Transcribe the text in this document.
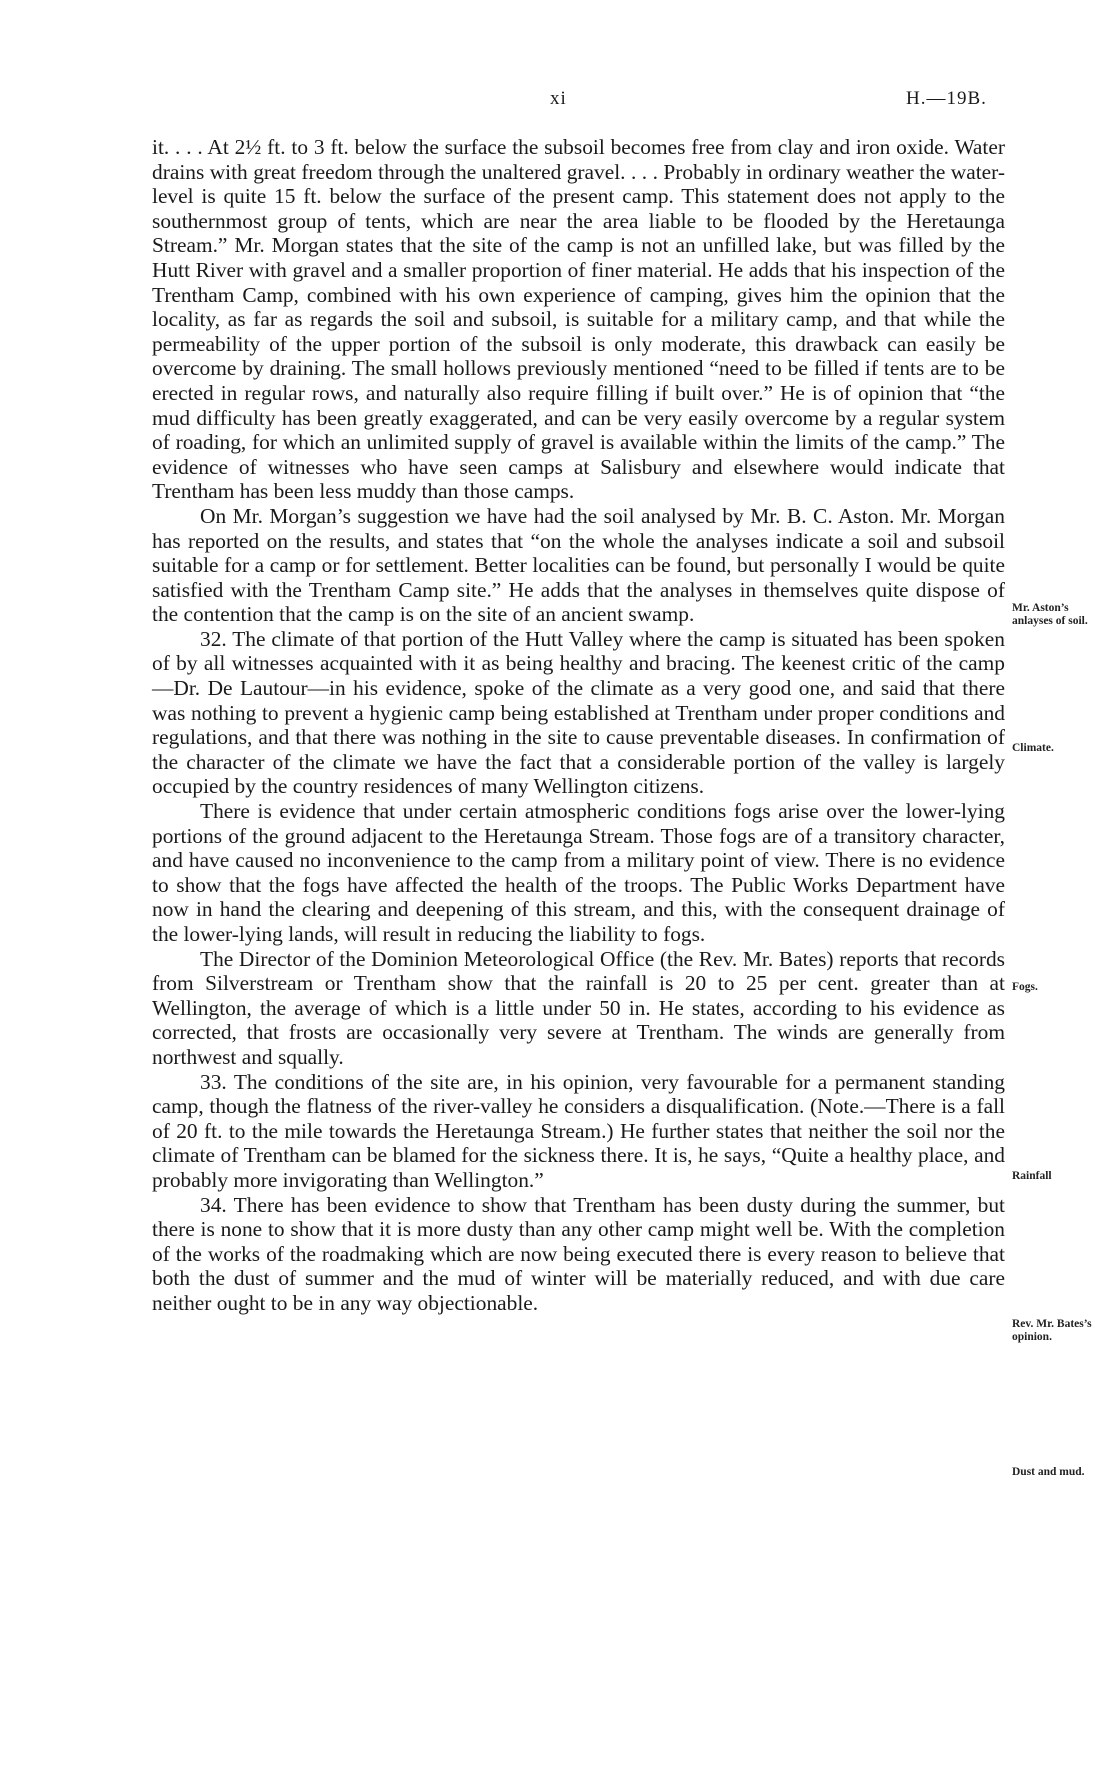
xi	H.—19B.

it. . . . At 2½ ft. to 3 ft. below the surface the subsoil becomes free from clay and iron oxide. Water drains with great freedom through the unaltered gravel. . . . Probably in ordinary weather the water-level is quite 15 ft. below the surface of the present camp. This statement does not apply to the southernmost group of tents, which are near the area liable to be flooded by the Heretaunga Stream.” Mr. Morgan states that the site of the camp is not an unfilled lake, but was filled by the Hutt River with gravel and a smaller proportion of finer material. He adds that his inspection of the Trentham Camp, combined with his own experience of camping, gives him the opinion that the locality, as far as regards the soil and subsoil, is suitable for a military camp, and that while the permeability of the upper portion of the subsoil is only moderate, this drawback can easily be overcome by draining. The small hollows previously mentioned “need to be filled if tents are to be erected in regular rows, and naturally also require filling if built over.” He is of opinion that “the mud difficulty has been greatly exaggerated, and can be very easily overcome by a regular system of roading, for which an unlimited supply of gravel is available within the limits of the camp.” The evidence of witnesses who have seen camps at Salisbury and elsewhere would indicate that Trentham has been less muddy than those camps.

On Mr. Morgan’s suggestion we have had the soil analysed by Mr. B. C. Aston. Mr. Morgan has reported on the results, and states that “on the whole the analyses indicate a soil and subsoil suitable for a camp or for settlement. Better localities can be found, but personally I would be quite satisfied with the Trentham Camp site.” He adds that the analyses in themselves quite dispose of the contention that the camp is on the site of an ancient swamp.

32. The climate of that portion of the Hutt Valley where the camp is situated has been spoken of by all witnesses acquainted with it as being healthy and bracing. The keenest critic of the camp—Dr. De Lautour—in his evidence, spoke of the climate as a very good one, and said that there was nothing to prevent a hygienic camp being established at Trentham under proper conditions and regulations, and that there was nothing in the site to cause preventable diseases. In confirmation of the character of the climate we have the fact that a considerable portion of the valley is largely occupied by the country residences of many Wellington citizens.

There is evidence that under certain atmospheric conditions fogs arise over the lower-lying portions of the ground adjacent to the Heretaunga Stream. Those fogs are of a transitory character, and have caused no inconvenience to the camp from a military point of view. There is no evidence to show that the fogs have affected the health of the troops. The Public Works Department have now in hand the clearing and deepening of this stream, and this, with the consequent drainage of the lower-lying lands, will result in reducing the liability to fogs.

The Director of the Dominion Meteorological Office (the Rev. Mr. Bates) reports that records from Silverstream or Trentham show that the rainfall is 20 to 25 per cent. greater than at Wellington, the average of which is a little under 50 in. He states, according to his evidence as corrected, that frosts are occasionally very severe at Trentham. The winds are generally from northwest and squally.

33. The conditions of the site are, in his opinion, very favourable for a permanent standing camp, though the flatness of the river-valley he considers a disqualification. (Note.—There is a fall of 20 ft. to the mile towards the Heretaunga Stream.) He further states that neither the soil nor the climate of Trentham can be blamed for the sickness there. It is, he says, “Quite a healthy place, and probably more invigorating than Wellington.”

34. There has been evidence to show that Trentham has been dusty during the summer, but there is none to show that it is more dusty than any other camp might well be. With the completion of the works of the roadmaking which are now being executed there is every reason to believe that both the dust of summer and the mud of winter will be materially reduced, and with due care neither ought to be in any way objectionable.

Mr. Aston’s anlayses of soil.
Climate.
Fogs.
Rainfall
Rev. Mr. Bates’s opinion.
Dust and mud.
